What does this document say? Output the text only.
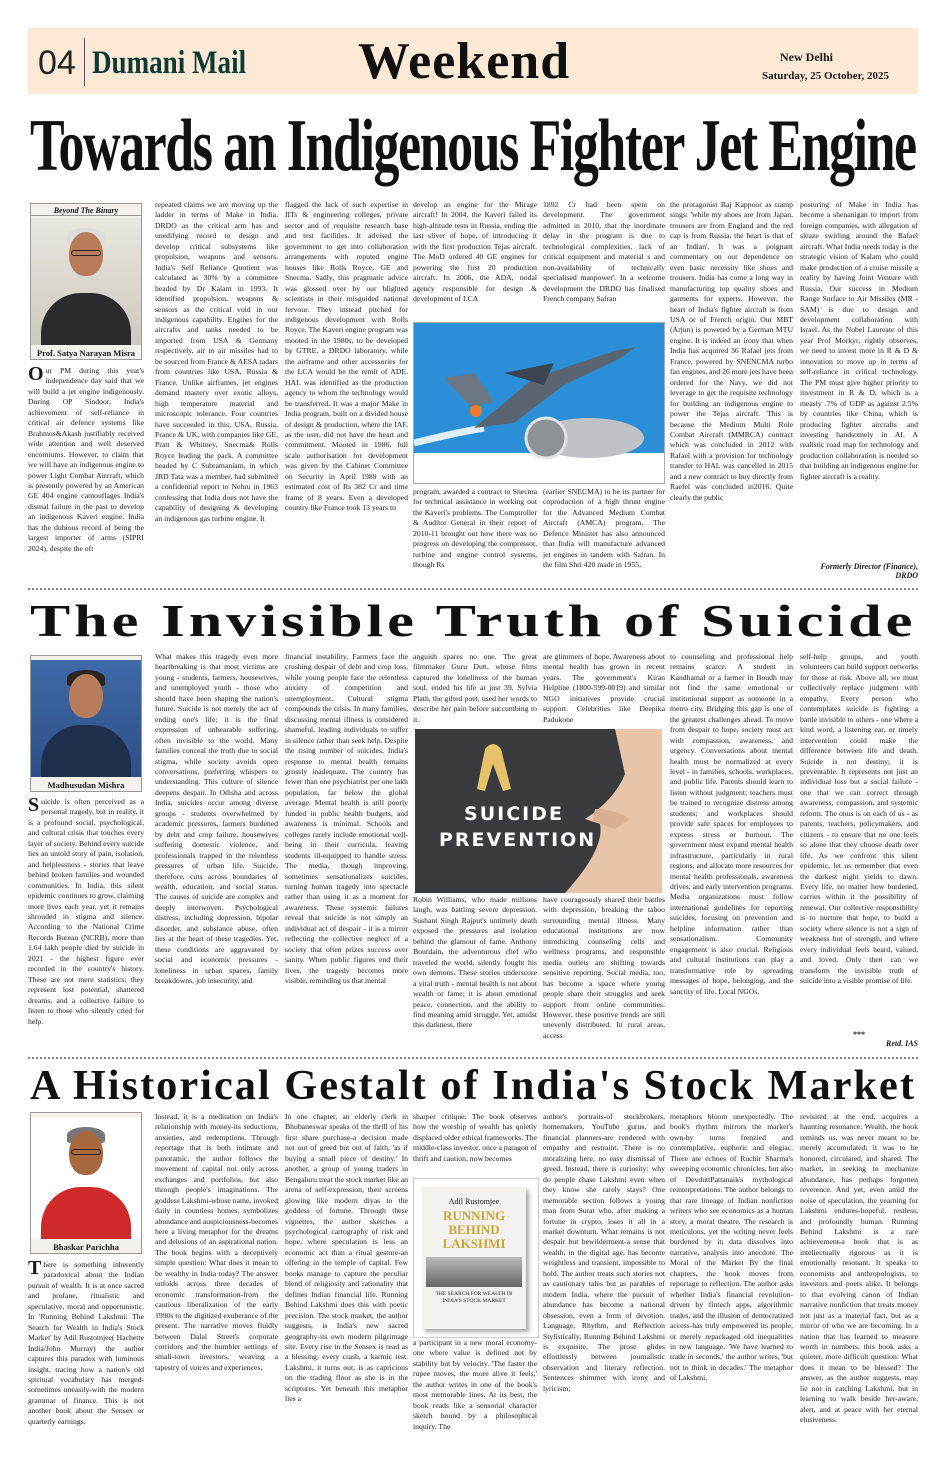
04 Dumani Mail Weekend	New Delhi
Saturday, 25 October, 2025
Towards an Indigenous Fighter Jet Engine
Beyond The Binary
Prof. Satya Narayan Misra
Our PM during this year's independence day said that we will build a jet engine indigenously. During OP Sindoor, India's achievement of self-reliance in critical air defence systems like Brahmos&Akash justifiably received wide attention and well deserved encomiums. However, to claim that we will have an indigenous engine to power Light Combat Aircraft, which is presently powered by an American GE 404 engine camouflages India's dismal failure in the past to develop an indigenous Kaveri engine. India has the dubious record of being the largest importer of arms (SIPRI 2024), despite the oft
repeated claims we are moving up the ladder in terms of Make in India. DRDO as the critical arm has and unedifying record to design and develop critical subsystems like propulsion, weapons and sensors. India's Self Reliance Quotient was calculated as 30% by a committee headed by Dr Kalam in 1993. It identified propulsion, weapons & sensors as the critical void in our indigenous capability. Engines for the aircrafts and tanks needed to be imported from USA & Germany respectively, air to air missiles had to be sourced from France & AESA radars from countries like USA, Russia & France. Unlike airframes, jet engines demand mastery over exotic alloys, high temperature material and microscopic tolerance. Four countries have succeeded in this; USA, Russia, France & UK, with companies like GE, Pratt & Whitney, Snecma& Rolls Royce leading the pack. A committee headed by C Subramaniam, in which JRD Tata was a member, had submitted a confidential report to Nehru in 1963 confessing that India does not have the capability of designing & developing an indigenous gas turbine engine. It
flagged the lack of such expertise in IITs & engineering colleges, private sector and of requisite research base and test facilities. It advised the government to get into collaboration arrangements with reputed engine houses like Rolls Royce, GE and Snecma. Sadly, this pragmatic advice was glossed over by our blighted scientists in their misguided national fervour. They instead pitched for indigenous development with Rolls Royce. The Kaveri engine program was mooted in the 1980s, to be developed by GTRE, a DRDO laboratory, while the airframe and other accessories for the LCA would be the remit of ADE. HAL was identified as the production agency to whom the technology would be transferred. It was a major Make in India program, built on a divided house of design & production, where the IAF, as the user, did not have the heart and commitment. Mooted in 1986, full scale authorisation for development was given by the Cabinet Committee on Security in April 1989 with an estimated cost of Rs 382 Cr and time frame of 8 years. Even a developed country like France took 13 years to
develop an engine for the Mirage aircraft! In 2004, the Kaveri failed its high-altitude tests in Russia, ending the last sliver of hope, of introducing it with the first production Tejas aircraft. The MoD ordered 40 GE engines for powering the first 20 production aircraft. In 2006, the ADA, nodal agency responsible for design & development of LCA
1892 Cr had been spent on development. The government admitted in 2010, that the inordinate delay in the program is due to technological complexities, lack of critical equipment and material s and non-availability of technically specialised manpower'. In a welcome development the DRDO has finalised French company Safran
program, awarded a contract to Snecma for technical assistance in working out the Kaveri's problems. The Comptroller & Auditor General in their report of 2010-11 brought out how there was no progress on developing the compressor, turbine and engine control systems, though Rs
(earlier SNECMA) to be its partner for coproduction of a high thrust engine for the Advanced Medium Combat Aircraft (AMCA) program. The Defence Minister has also announced that India will manufacture advanced jet engines in tandem with Safran. In the film Shri 420 made in 1955,
the protagonist Raj Kappoor as tramp sings: 'while my shoes are from Japan, trousers are from England and the red cap is from Russia, the heart is that of an Indian'. It was a poignant commentary on our dependence on even basic necessity like shoes and trousers. India has come a long way in manufacturing top quality shoes and garments for experts. However, the heart of India's fighter aircraft is from USA or of French origin. Our MBT (Arjun) is powered by a German MTU engine. It is indeed an irony that when India has acquired 36 Rafael jets from France, powered by SNENCMA turbo fan engines, and 26 more jets have been ordered for the Navy, we did not leverage to get the requisite technology for building an indigenous engine to power the Tejas aircraft. This is because the Medium Multi Role Combat Aircraft (MMRCA) contract which was concluded in 2012 with Rafael with a provision for technology transfer to HAL was cancelled in 2015 and a new contract to buy directly from Raefel was concluded in2016. Quite clearly the public
posturing of Make in India has become a shenanigan to import from foreign companies, with allegation of sleaze swirling around the Rafael aircraft. What India needs today is the strategic vision of Kalam who could make production of a cruise missile a reality by having Joint Venture with Russia. Our success in Medium Range Surface to Air Missiles (MR -SAM) is due to design and development collaboration with Israel. As the Nobel Laureate of this year Prof Morkyr, rightly observes, we need to invest more in R & D & innovation to move up in terms of self-reliance in critical technology. The PM must give higher priority to investment in R & D, which is a measly .7% of GDP as against 2.5% by countries like China, which is producing fighter aircrafts and investing handsomely in AI. A realistic road map for technology and production collaboration is needed so that building an indigenous engine for fighter aircraft is a reality.
Formerly Director (Finance),
DRDO
The Invisible Truth of Suicide
Madhusudan Mishra
Suicide is often perceived as a personal tragedy, but in reality, it is a profound social, psychological, and cultural crisis that touches every layer of society. Behind every suicide lies an untold story of pain, isolation, and helplessness - stories that leave behind broken families and wounded communities. In India, this silent epidemic continues to grow, claiming more lives each year, yet it remains shrouded in stigma and silence. According to the National Crime Records Bureau (NCRB), more than 1.64 lakh people died by suicide in 2021 - the highest figure ever recorded in the country's history. These are not mere statistics; they represent lost potential, shattered dreams, and a collective failure to listen to those who silently cried for help.
What makes this tragedy even more heartbreaking is that most victims are young - students, farmers, housewives, and unemployed youth - those who should have been shaping the nation's future. Suicide is not merely the act of ending one's life; it is the final expression of unbearable suffering, often invisible to the world. Many families conceal the truth due to social stigma, while society avoids open conversations, preferring whispers to understanding. This culture of silence deepens despair. In Odisha and across India, suicides occur among diverse groups - students overwhelmed by academic pressures, farmers burdened by debt and crop failure, housewives suffering domestic violence, and professionals trapped in the relentless pressures of urban life. Suicide, therefore, cuts across boundaries of wealth, education, and social status. The causes of suicide are complex and deeply interwoven. Psychological distress, including depression, bipolar disorder, and substance abuse, often lies at the heart of these tragedies. Yet, these conditions are aggravated by social and economic pressures - loneliness in urban spaces, family breakdowns, job insecurity, and
financial instability. Farmers face the crushing despair of debt and crop loss, while young people face the relentless anxiety of competition and unemployment. Cultural stigma compounds the crisis. In many families, discussing mental illness is considered shameful, leading individuals to suffer in silence rather than seek help. Despite the rising number of suicides, India's response to mental health remains grossly inadequate. The country has fewer than one psychiatrist per one lakh population, far below the global average. Mental health is still poorly funded in public health budgets, and awareness is minimal. Schools and colleges rarely include emotional well-being in their curricula, leaving students ill-equipped to handle stress. The media, though improving, sometimes sensationalizes suicides, turning human tragedy into spectacle rather than using it as a moment for awareness. These systemic failures reveal that suicide is not simply an individual act of despair - it is a mirror reflecting the collective neglect of a society that often prizes success over sanity. When public figures end their lives, the tragedy becomes more visible, reminding us that mental
anguish spares no one. The great filmmaker Guru Dutt, whose films captured the loneliness of the human soul, ended his life at just 39. Sylvia Plath, the gifted poet, used her words to describe her pain before succumbing to it.
are glimmers of hope. Awareness about mental health has grown in recent years. The government's Kiran Helpline (1800-599-0019) and similar NGO initiatives provide crucial support. Celebrities like Deepika Padukone
SUICIDE PREVENTION
Robin Williams, who made millions laugh, was battling severe depression. Sushant Singh Rajput's untimely death exposed the pressures and isolation behind the glamour of fame. Anthony Bourdain, the adventurous chef who traveled the world, silently fought his own demons. These stories underscore a vital truth - mental health is not about wealth or fame; it is about emotional peace, connection, and the ability to find meaning amid struggle. Yet, amidst this darkness, there
have courageously shared their battles with depression, breaking the taboo surrounding mental illness. Many educational institutions are now introducing counseling cells and wellness programs, and responsible media outlets are shifting towards sensitive reporting. Social media, too, has become a space where young people share their struggles and seek support from online communities. However, these positive trends are still unevenly distributed. In rural areas, access
to counseling and professional help remains scarce. A student in Kandhamal or a farmer in Boudh may not find the same emotional or institutional support as someone in a metro city. Bridging this gap is one of the greatest challenges ahead. To move from despair to hope, society must act with compassion, awareness, and urgency. Conversations about mental health must be normalized at every level - in families, schools, workplaces, and public life. Parents should learn to listen without judgment; teachers must be trained to recognize distress among students; and workplaces should provide safe spaces for employees to express stress or burnout. The government must expand mental health infrastructure, particularly in rural regions, and allocate more resources for mental health professionals, awareness drives, and early intervention programs. Media organizations must follow international guidelines for reporting suicides, focusing on prevention and helpline information rather than sensationalism. Community engagement is also crucial. Religious and cultural institutions can play a transformative role by spreading messages of hope, belonging, and the sanctity of life. Local NGOs,
self-help groups, and youth volunteers can build support networks for those at risk. Above all, we must collectively replace judgment with empathy. Every person who contemplates suicide is fighting a battle invisible to others - one where a kind word, a listening ear, or timely intervention could make the difference between life and death. Suicide is not destiny; it is preventable. It represents not just an individual loss but a social failure - one that we can correct through awareness, compassion, and systemic reform. The onus is on each of us - as parents, teachers, policymakers, and citizens - to ensure that no one feels so alone that they choose death over life. As we confront this silent epidemic, let us remember that even the darkest night yields to dawn. Every life, no matter how burdened, carries within it the possibility of renewal. Our collective responsibility is to nurture that hope, to build a society where silence is not a sign of weakness but of strength, and where every individual feels heard, valued, and loved. Only then can we transform the invisible truth of suicide into a visible promise of life.
***
Retd. IAS
A Historical Gestalt of India's Stock Market
Bhaskar Parichha
There is something inherently paradoxical about the Indian pursuit of wealth. It is at once sacred and profane, ritualistic and speculative, moral and opportunistic. In 'Running Behind Lakshmi: The Search for Wealth in India's Stock Market' by Adil Rustomjee( Hachette India/John Murray) the author captures this paradox with luminous insight, tracing how a nation's old spiritual vocabulary has merged-sometimes uneasily-with the modern grammar of finance. This is not another book about the Sensex or quarterly earnings.
Instead, it is a meditation on India's relationship with money-its seductions, anxieties, and redemptions. Through reportage that is both intimate and panoramic, the author follows the movement of capital not only across exchanges and portfolios, but also through people's imaginations. The goddess Lakshmi-whose name, invoked daily in countless homes, symbolizes abundance and auspiciousness-becomes here a living metaphor for the dreams and delusions of an aspirational nation. The book begins with a deceptively simple question: What does it mean to be wealthy in India today? The answer unfolds across three decades of economic transformation-from the cautious liberalization of the early 1990s to the digitized exuberance of the present. The narrative moves fluidly between Dalal Street's corporate corridors and the humbler settings of small-town investors, weaving a tapestry of voices and experiences.
In one chapter, an elderly clerk in Bhubaneswar speaks of the thrill of his first share purchase-a decision made not out of greed but out of faith, 'as if buying a small piece of destiny.' In another, a group of young traders in Bengaluru treat the stock market like an arena of self-expression, their screens glowing like modern diyas to the goddess of fortune. Through these vignettes, the author sketches a psychological cartography of risk and hope, where speculation is less an economic act than a ritual gesture-an offering in the temple of capital. Few books manage to capture the peculiar blend of religiosity and rationality that defines Indian financial life. Running Behind Lakshmi does this with poetic precision. The stock market, the author suggests, is India's new sacred geography-its own modern pilgrimage site. Every rise in the Sensex is read as a blessing; every crash, a karmic test. Lakshmi, it turns out, is as capricious on the trading floor as she is in the scriptures. Yet beneath this metaphor lies a
sharper critique. The book observes how the worship of wealth has quietly displaced older ethical frameworks. The middle-class investor, once a paragon of thrift and caution, now becomes
Adil Rustomjee
RUNNING BEHIND LAKSHMI
THE SEARCH FOR WEALTH IN INDIA'S STOCK MARKET
a participant in a new moral economy-one where value is defined not by stability but by velocity. 'The faster the rupee moves, the more alive it feels,' the author writes in one of the book's most memorable lines. At its best, the book reads like a sensorial character sketch bound by a philosophical inquiry. The
author's portraits-of stockbrokers, homemakers, YouTube gurus, and financial planners-are rendered with empathy and restraint. There is no moralizing here, no easy dismissal of greed. Instead, there is curiosity: why do people chase Lakshmi even when they know she rarely stays? One memorable section follows a young man from Surat who, after making a fortune in crypto, loses it all in a market downturn. What remains is not despair but bewilderment-a sense that wealth, in the digital age, has become weightless and transient, impossible to hold. The author treats such stories not as cautionary tales but as parables of modern India, where the pursuit of abundance has become a national obsession, even a form of devotion. Language, Rhythm, and Reflection Stylistically, Running Behind Lakshmi is exquisite. The prose glides effortlessly between journalistic observation and literary reflection. Sentences shimmer with irony and lyricism;
metaphors bloom unexpectedly. The book's rhythm mirrors the market's own-by turns frenzied and contemplative, euphoric and elegiac. There are echoes of Ruchir Sharma's sweeping economic chronicles, but also of DevduttPattanaik's mythological reinterpretations. The author belongs to that rare lineage of Indian nonfiction writers who see economics as a human story, a moral theatre. The research is meticulous, yet the writing never feels burdened by it; data dissolves into narrative, analysis into anecdote. The Moral of the Market By the final chapters, the book moves from reportage to reflection. The author asks whether India's financial revolution-driven by fintech apps, algorithmic trades, and the illusion of democratized access-has truly empowered its people, or merely repackaged old inequalities in new language. 'We have learned to trade in seconds,' the author writes, 'but not to think in decades.' The metaphor of Lakshmi,
revisited at the end, acquires a haunting resonance. Wealth, the book reminds us, was never meant to be merely accumulated; it was to be honored, circulated, and shared. The market, in seeking to mechanize abundance, has perhaps forgotten reverence. And yet, even amid the noise of speculation, the yearning for Lakshmi endures-hopeful, restless, and profoundly human. Running Behind Lakshmi is a rare achievement-a book that is as intellectually rigorous as it is emotionally resonant. It speaks to economists and anthropologists, to investors and poets alike. It belongs to that evolving canon of Indian narrative nonfiction that treats money not just as a material fact, but as a mirror of who we are becoming. In a nation that has learned to measure worth in numbers, this book asks a quieter, more difficult question: What does it mean to be blessed? The answer, as the author suggests, may lie not in catching Lakshmi, but in learning to walk beside her-aware, alert, and at peace with her eternal elusiveness.
